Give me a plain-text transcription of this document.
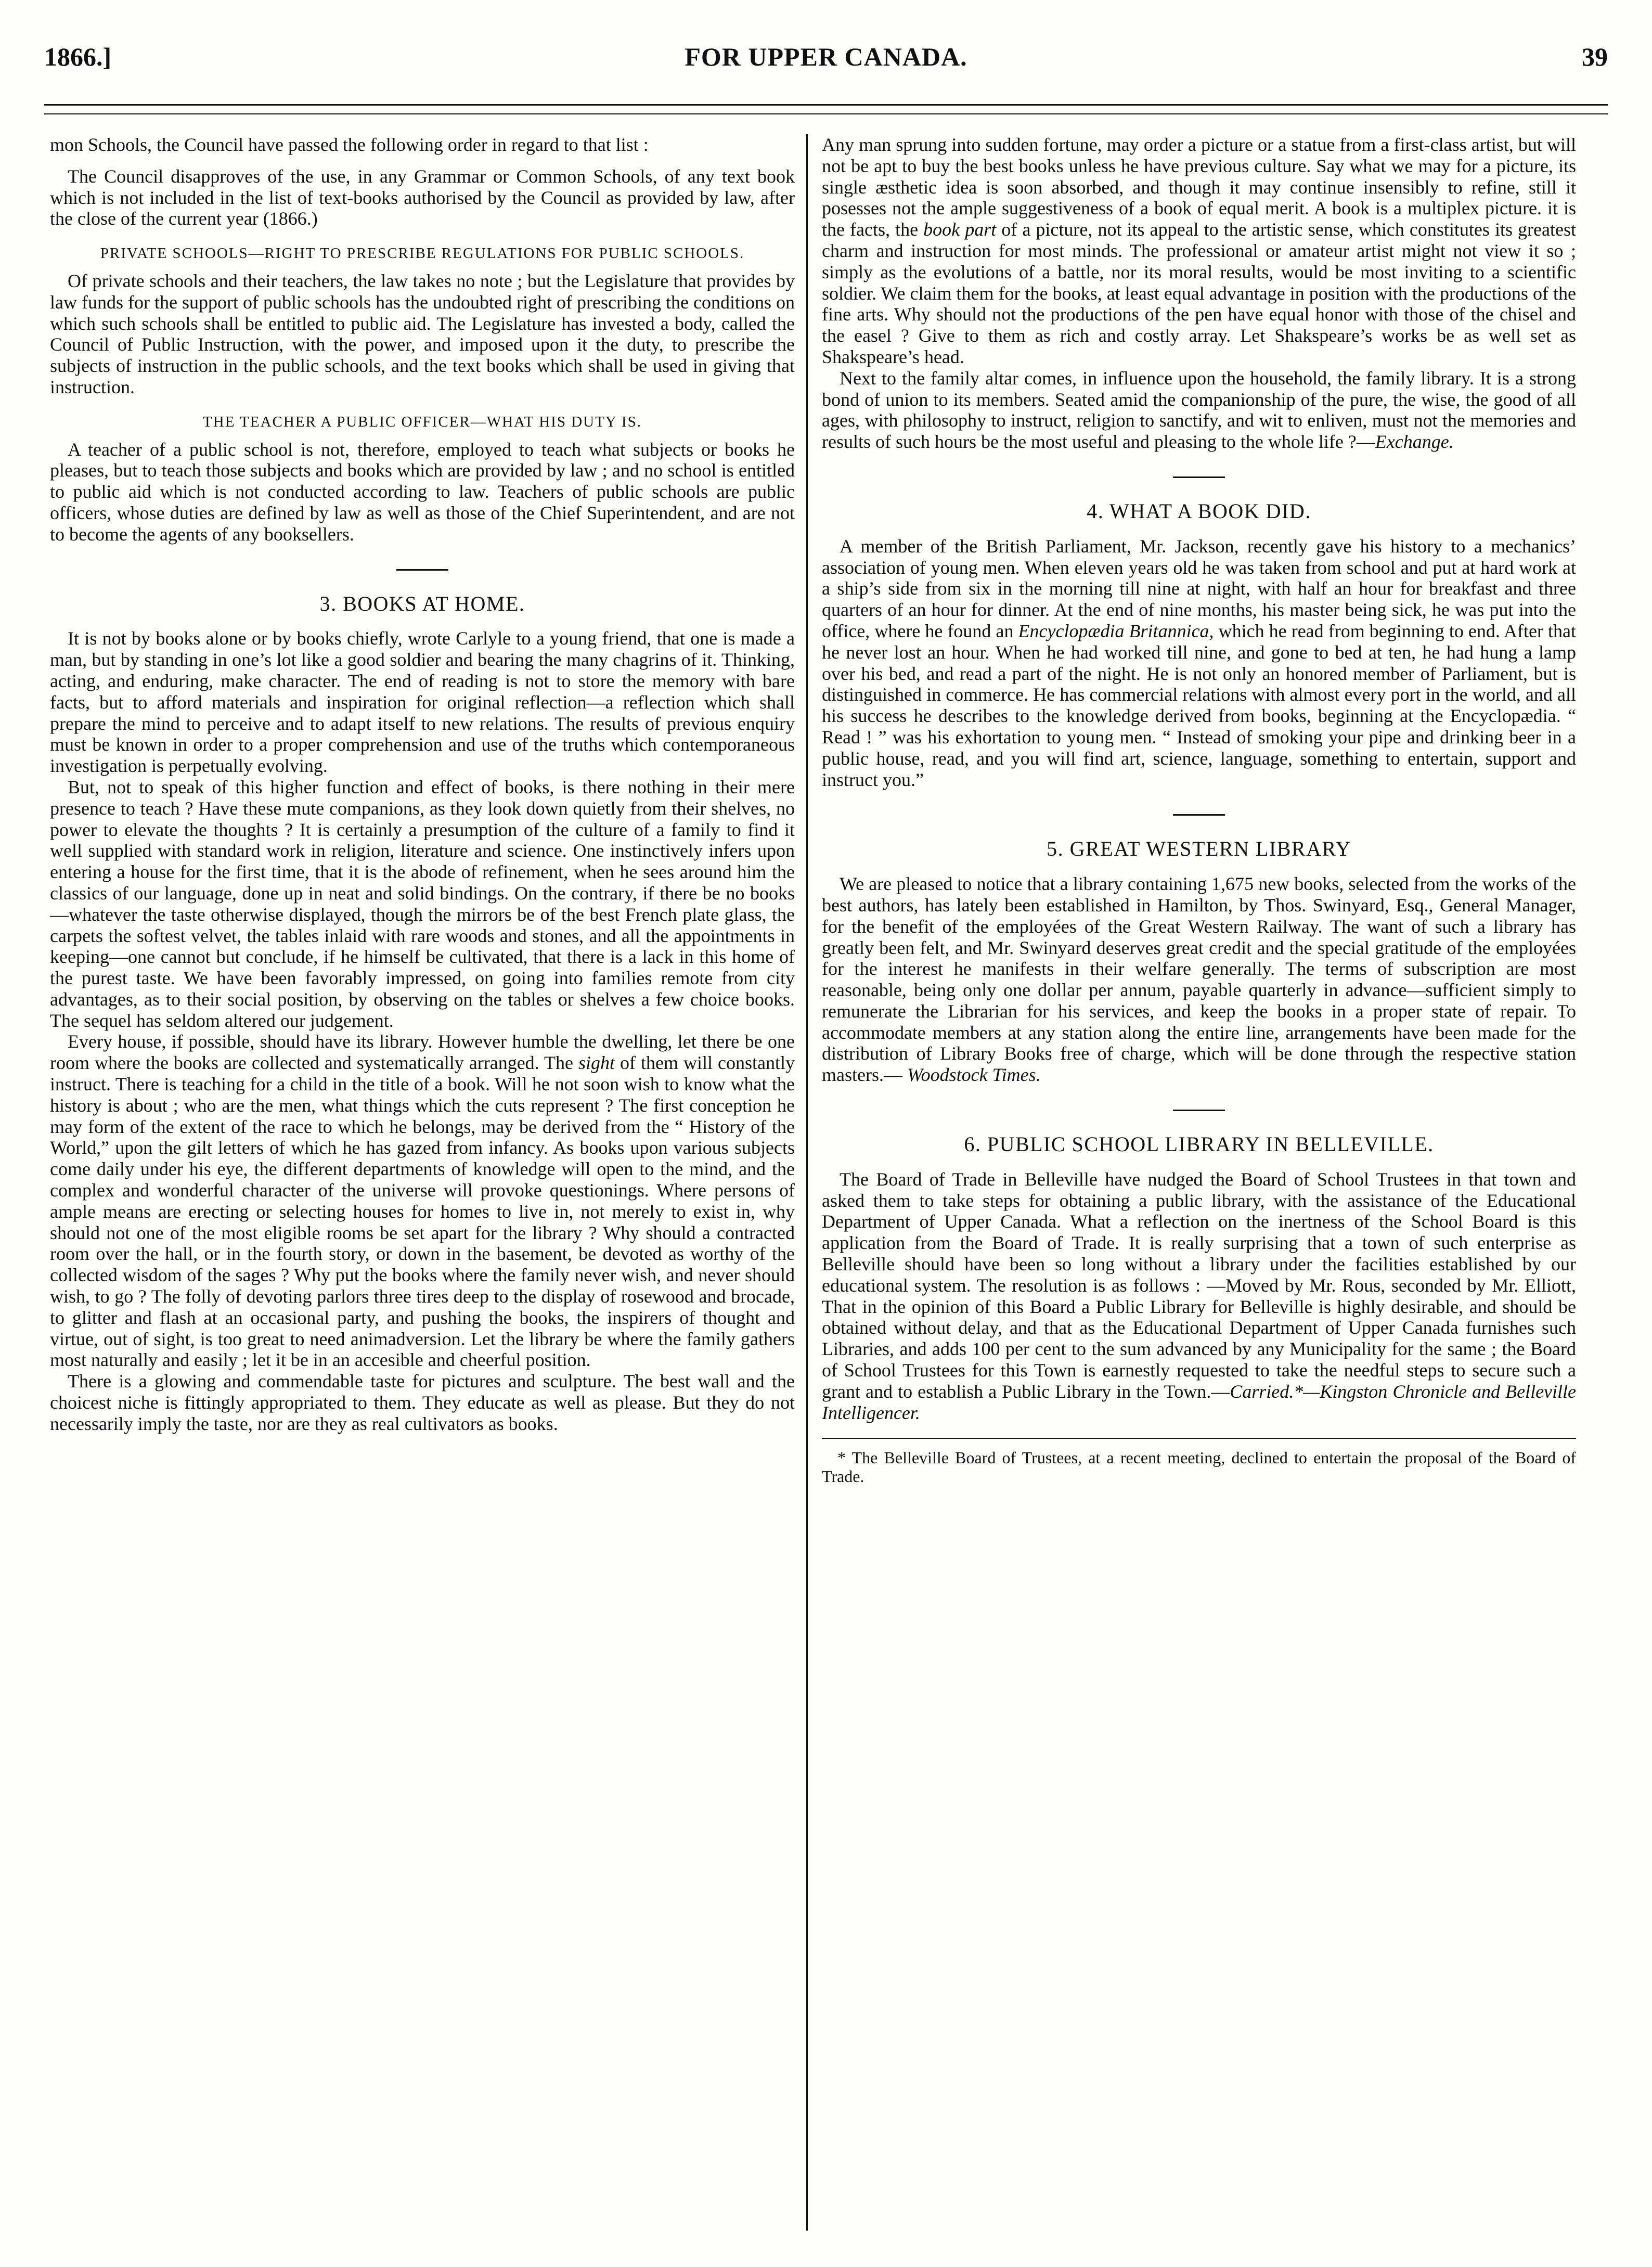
1866.]	FOR UPPER CANADA.	39

mon Schools, the Council have passed the following order in regard to that list :

The Council disapproves of the use, in any Grammar or Common Schools, of any text book which is not included in the list of text-books authorised by the Council as provided by law, after the close of the current year (1866.)

PRIVATE SCHOOLS—RIGHT TO PRESCRIBE REGULATIONS FOR PUBLIC SCHOOLS.

Of private schools and their teachers, the law takes no note ; but the Legislature that provides by law funds for the support of public schools has the undoubted right of prescribing the conditions on which such schools shall be entitled to public aid. The Legislature has invested a body, called the Council of Public Instruction, with the power, and imposed upon it the duty, to prescribe the subjects of instruction in the public schools, and the text books which shall be used in giving that instruction.

THE TEACHER A PUBLIC OFFICER—WHAT HIS DUTY IS.

A teacher of a public school is not, therefore, employed to teach what subjects or books he pleases, but to teach those subjects and books which are provided by law ; and no school is entitled to public aid which is not conducted according to law. Teachers of public schools are public officers, whose duties are defined by law as well as those of the Chief Superintendent, and are not to become the agents of any booksellers.

3. BOOKS AT HOME.

It is not by books alone or by books chiefly, wrote Carlyle to a young friend, that one is made a man, but by standing in one’s lot like a good soldier and bearing the many chagrins of it. Thinking, acting, and enduring, make character. The end of reading is not to store the memory with bare facts, but to afford materials and inspiration for original reflection—a reflection which shall prepare the mind to perceive and to adapt itself to new relations. The results of previous enquiry must be known in order to a proper comprehension and use of the truths which contemporaneous investigation is perpetually evolving.

But, not to speak of this higher function and effect of books, is there nothing in their mere presence to teach ? Have these mute companions, as they look down quietly from their shelves, no power to elevate the thoughts ? It is certainly a presumption of the culture of a family to find it well supplied with standard work in religion, literature and science. One instinctively infers upon entering a house for the first time, that it is the abode of refinement, when he sees around him the classics of our language, done up in neat and solid bindings. On the contrary, if there be no books—whatever the taste otherwise displayed, though the mirrors be of the best French plate glass, the carpets the softest velvet, the tables inlaid with rare woods and stones, and all the appointments in keeping—one cannot but conclude, if he himself be cultivated, that there is a lack in this home of the purest taste. We have been favorably impressed, on going into families remote from city advantages, as to their social position, by observing on the tables or shelves a few choice books. The sequel has seldom altered our judgement.

Every house, if possible, should have its library. However humble the dwelling, let there be one room where the books are collected and systematically arranged. The sight of them will constantly instruct. There is teaching for a child in the title of a book. Will he not soon wish to know what the history is about ; who are the men, what things which the cuts represent ? The first conception he may form of the extent of the race to which he belongs, may be derived from the “ History of the World,” upon the gilt letters of which he has gazed from infancy. As books upon various subjects come daily under his eye, the different departments of knowledge will open to the mind, and the complex and wonderful character of the universe will provoke questionings. Where persons of ample means are erecting or selecting houses for homes to live in, not merely to exist in, why should not one of the most eligible rooms be set apart for the library ? Why should a contracted room over the hall, or in the fourth story, or down in the basement, be devoted as worthy of the collected wisdom of the sages ? Why put the books where the family never wish, and never should wish, to go ? The folly of devoting parlors three tires deep to the display of rosewood and brocade, to glitter and flash at an occasional party, and pushing the books, the inspirers of thought and virtue, out of sight, is too great to need animadversion. Let the library be where the family gathers most naturally and easily ; let it be in an accesible and cheerful position.

There is a glowing and commendable taste for pictures and sculpture. The best wall and the choicest niche is fittingly appropriated to them. They educate as well as please. But they do not necessarily imply the taste, nor are they as real cultivators as books.

Any man sprung into sudden fortune, may order a picture or a statue from a first-class artist, but will not be apt to buy the best books unless he have previous culture. Say what we may for a picture, its single æsthetic idea is soon absorbed, and though it may continue insensibly to refine, still it posesses not the ample suggestiveness of a book of equal merit. A book is a multiplex picture. it is the facts, the book part of a picture, not its appeal to the artistic sense, which constitutes its greatest charm and instruction for most minds. The professional or amateur artist might not view it so ; simply as the evolutions of a battle, nor its moral results, would be most inviting to a scientific soldier. We claim them for the books, at least equal advantage in position with the productions of the fine arts. Why should not the productions of the pen have equal honor with those of the chisel and the easel ? Give to them as rich and costly array. Let Shakspeare’s works be as well set as Shakspeare’s head.

Next to the family altar comes, in influence upon the household, the family library. It is a strong bond of union to its members. Seated amid the companionship of the pure, the wise, the good of all ages, with philosophy to instruct, religion to sanctify, and wit to enliven, must not the memories and results of such hours be the most useful and pleasing to the whole life ?—Exchange.

4. WHAT A BOOK DID.

A member of the British Parliament, Mr. Jackson, recently gave his history to a mechanics’ association of young men. When eleven years old he was taken from school and put at hard work at a ship’s side from six in the morning till nine at night, with half an hour for breakfast and three quarters of an hour for dinner. At the end of nine months, his master being sick, he was put into the office, where he found an Encyclopædia Britannica, which he read from beginning to end. After that he never lost an hour. When he had worked till nine, and gone to bed at ten, he had hung a lamp over his bed, and read a part of the night. He is not only an honored member of Parliament, but is distinguished in commerce. He has commercial relations with almost every port in the world, and all his success he describes to the knowledge derived from books, beginning at the Encyclopædia. “ Read ! ” was his exhortation to young men. “ Instead of smoking your pipe and drinking beer in a public house, read, and you will find art, science, language, something to entertain, support and instruct you.”

5. GREAT WESTERN LIBRARY

We are pleased to notice that a library containing 1,675 new books, selected from the works of the best authors, has lately been established in Hamilton, by Thos. Swinyard, Esq., General Manager, for the benefit of the employées of the Great Western Railway. The want of such a library has greatly been felt, and Mr. Swinyard deserves great credit and the special gratitude of the employées for the interest he manifests in their welfare generally. The terms of subscription are most reasonable, being only one dollar per annum, payable quarterly in advance—sufficient simply to remunerate the Librarian for his services, and keep the books in a proper state of repair. To accommodate members at any station along the entire line, arrangements have been made for the distribution of Library Books free of charge, which will be done through the respective station masters.— Woodstock Times.

6. PUBLIC SCHOOL LIBRARY IN BELLEVILLE.

The Board of Trade in Belleville have nudged the Board of School Trustees in that town and asked them to take steps for obtaining a public library, with the assistance of the Educational Department of Upper Canada. What a reflection on the inertness of the School Board is this application from the Board of Trade. It is really surprising that a town of such enterprise as Belleville should have been so long without a library under the facilities established by our educational system. The resolution is as follows : —Moved by Mr. Rous, seconded by Mr. Elliott, That in the opinion of this Board a Public Library for Belleville is highly desirable, and should be obtained without delay, and that as the Educational Department of Upper Canada furnishes such Libraries, and adds 100 per cent to the sum advanced by any Municipality for the same ; the Board of School Trustees for this Town is earnestly requested to take the needful steps to secure such a grant and to establish a Public Library in the Town.—Carried.*—Kingston Chronicle and Belleville Intelligencer.

* The Belleville Board of Trustees, at a recent meeting, declined to entertain the proposal of the Board of Trade.
